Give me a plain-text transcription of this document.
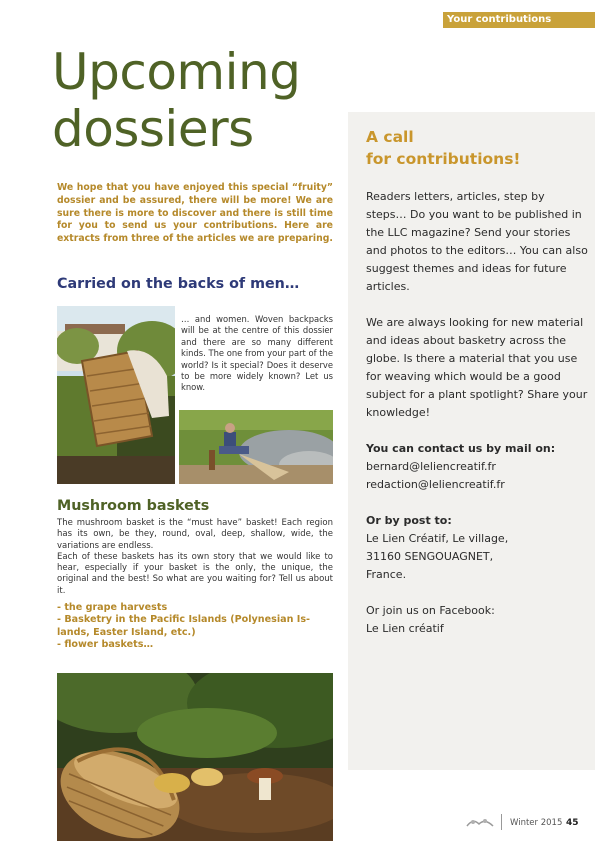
Your contributions
Upcoming
dossiers

We hope that you have enjoyed this special “fruity” dossier and be assured, there will be more! We are sure there is more to discover and there is still time for you to send us your contributions. Here are extracts from three of the articles we are preparing.

Carried on the backs of men…

… and women. Woven backpacks will be at the centre of this dossier and there are so many different kinds. The one from your part of the world? Is it special? Does it deserve to be more widely known? Let us know.

Mushroom baskets

The mushroom basket is the “must have” basket! Each region has its own, be they, round, oval, deep, shallow, wide, the variations are endless.

Each of these baskets has its own story that we would like to hear, especially if your basket is the only, the unique, the original and the best! So what are you waiting for? Tell us about it.

- the grape harvests
- Basketry in the Pacific Islands (Polynesian Is-lands, Easter Island, etc.)
- flower baskets…
A call
for contributions!

Readers letters, articles, step by steps… Do you want to be published in the LLC magazine? Send your stories and photos to the editors… You can also suggest themes and ideas for future articles.

We are always looking for new material and ideas about basketry across the globe. Is there a material that you use for weaving which would be a good subject for a plant spotlight? Share your knowledge!

You can contact us by mail on:
bernard@leliencreatif.fr
redaction@leliencreatif.fr

Or by post to:
Le Lien Créatif, Le village,
31160 SENGOUAGNET,
France.

Or join us on Facebook:
Le Lien créatif

Winter 2015 45
